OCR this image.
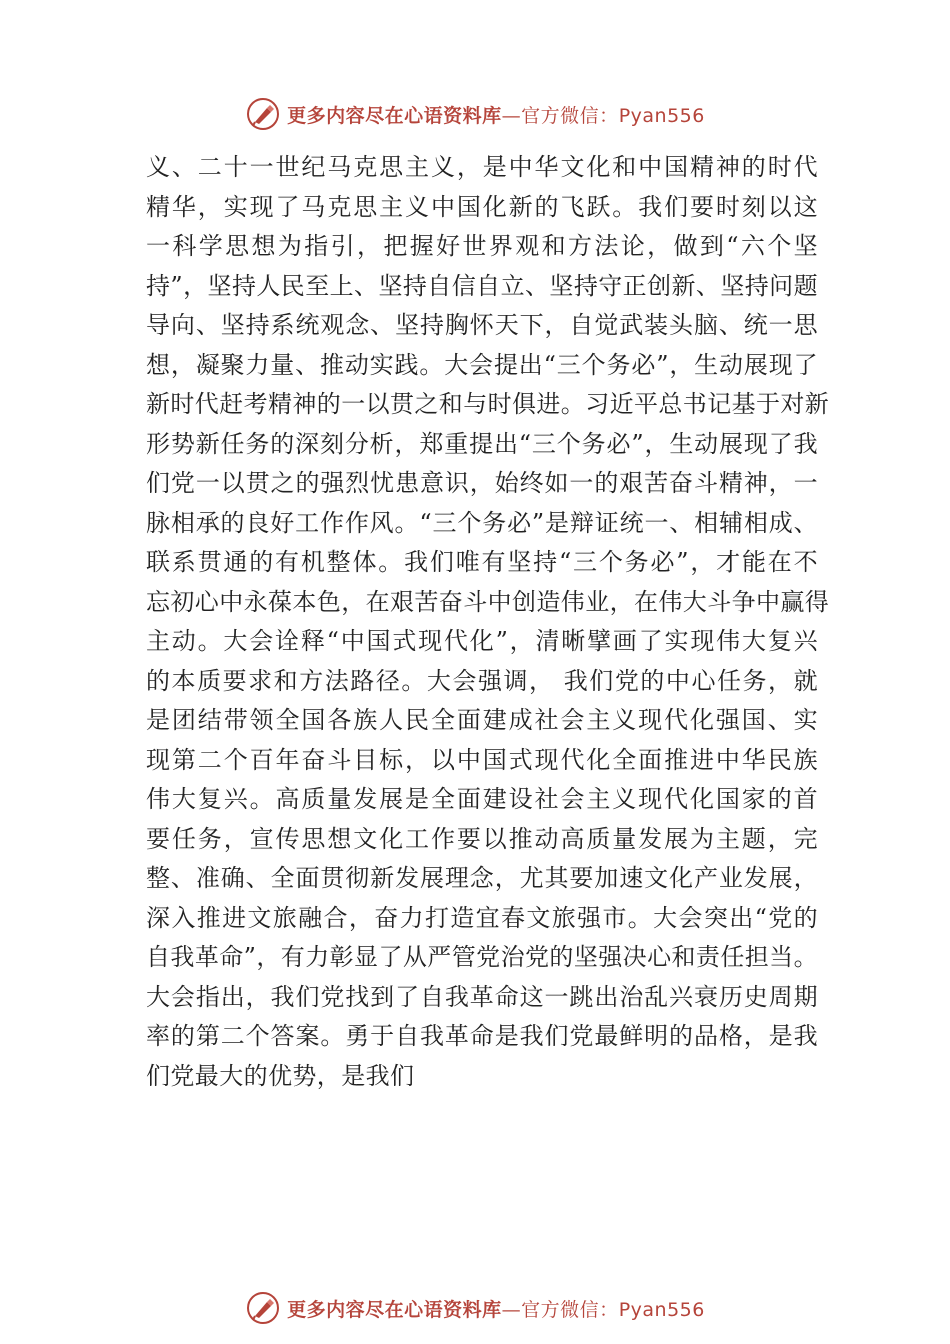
更多内容尽在心语资料库—官方微信：Pyan556
义、二十一世纪马克思主义，是中华文化和中国精神的时代
精华，实现了马克思主义中国化新的飞跃。我们要时刻以这
一科学思想为指引，把握好世界观和方法论，做到“六个坚
持”，坚持人民至上、坚持自信自立、坚持守正创新、坚持问题
导向、坚持系统观念、坚持胸怀天下，自觉武装头脑、统一思
想，凝聚力量、推动实践。大会提出“三个务必”，生动展现了
新时代赶考精神的一以贯之和与时俱进。习近平总书记基于对新
形势新任务的深刻分析，郑重提出“三个务必”，生动展现了我
们党一以贯之的强烈忧患意识，始终如一的艰苦奋斗精神，一
脉相承的良好工作作风。“三个务必”是辩证统一、相辅相成、
联系贯通的有机整体。我们唯有坚持“三个务必”，才能在不
忘初心中永葆本色，在艰苦奋斗中创造伟业，在伟大斗争中赢得
主动。大会诠释“中国式现代化”，清晰擘画了实现伟大复兴
的本质要求和方法路径。大会强调， 我们党的中心任务，就
是团结带领全国各族人民全面建成社会主义现代化强国、实
现第二个百年奋斗目标，以中国式现代化全面推进中华民族
伟大复兴。高质量发展是全面建设社会主义现代化国家的首
要任务，宣传思想文化工作要以推动高质量发展为主题，完
整、准确、全面贯彻新发展理念，尤其要加速文化产业发展，
深入推进文旅融合，奋力打造宜春文旅强市。大会突出“党的
自我革命”，有力彰显了从严管党治党的坚强决心和责任担当。
大会指出，我们党找到了自我革命这一跳出治乱兴衰历史周期
率的第二个答案。勇于自我革命是我们党最鲜明的品格，是我
们党最大的优势，是我们
更多内容尽在心语资料库—官方微信：Pyan556
